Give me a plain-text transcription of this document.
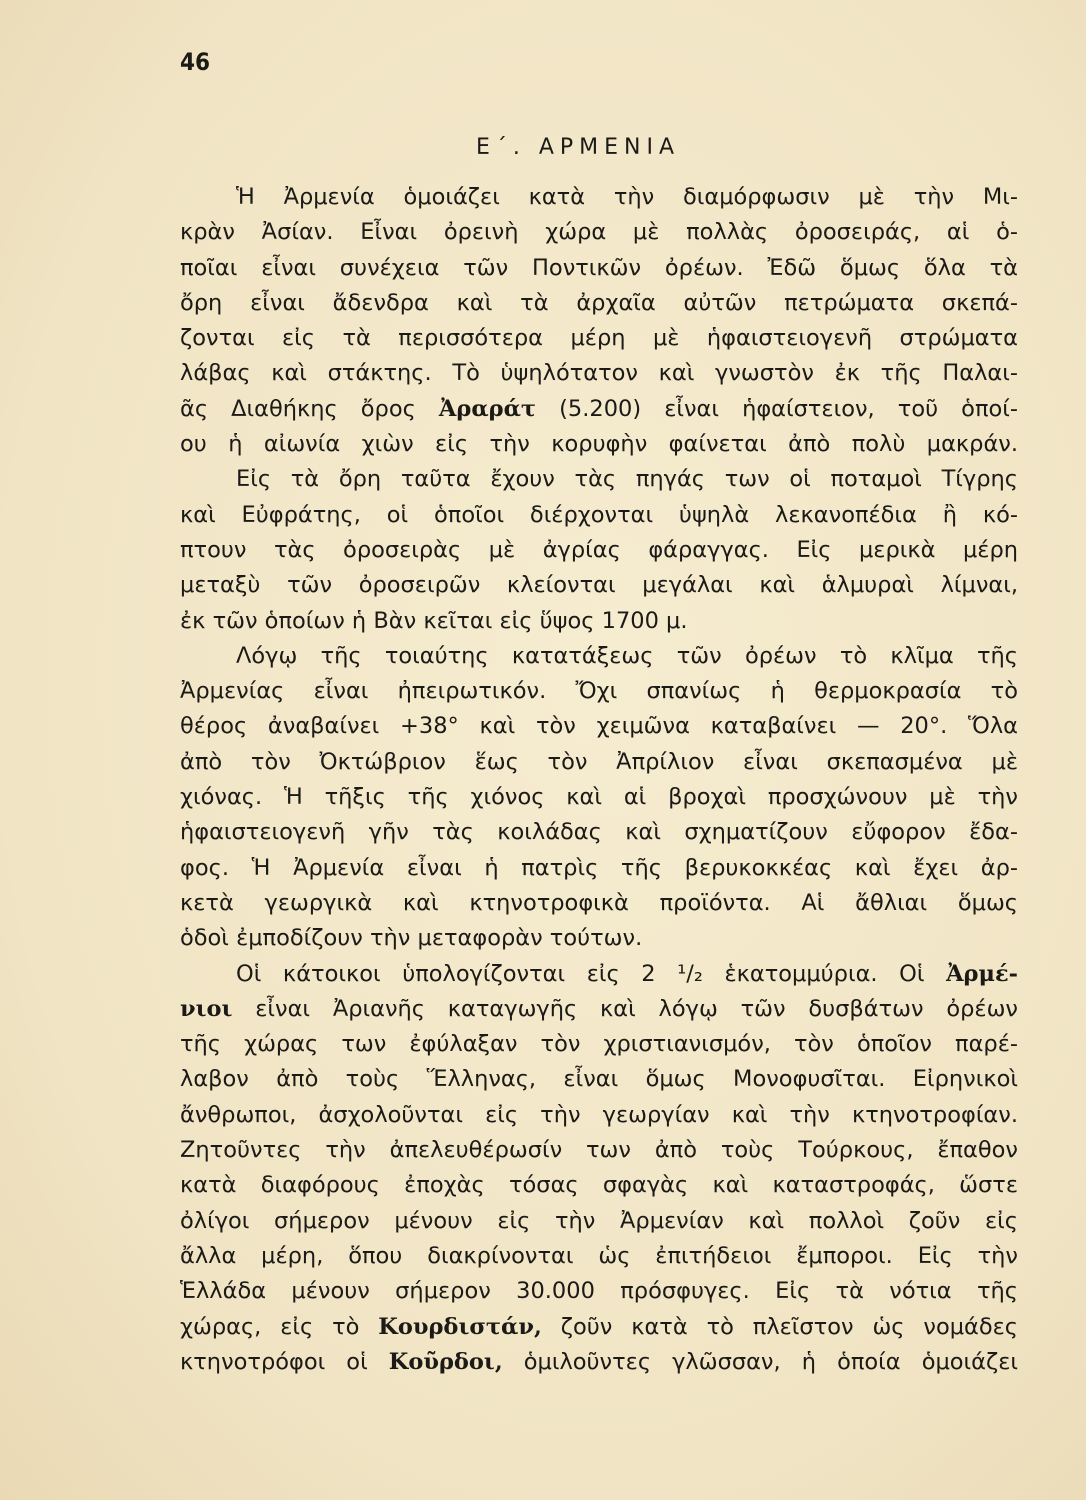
46
Ε΄. ΑΡΜΕΝΙΑ
Ἡ Ἀρμενία ὁμοιάζει κατὰ τὴν διαμόρφωσιν μὲ τὴν Μι-
κρὰν Ἀσίαν. Εἶναι ὀρεινὴ χώρα μὲ πολλὰς ὀροσειράς, αἱ ὁ-
ποῖαι εἶναι συνέχεια τῶν Ποντικῶν ὀρέων. Ἐδῶ ὅμως ὅλα τὰ
ὄρη εἶναι ἄδενδρα καὶ τὰ ἀρχαῖα αὐτῶν πετρώματα σκεπά-
ζονται εἰς τὰ περισσότερα μέρη μὲ ἡφαιστειογενῆ στρώματα
λάβας καὶ στάκτης. Τὸ ὑψηλότατον καὶ γνωστὸν ἐκ τῆς Παλαι-
ᾶς Διαθήκης ὄρος Ἀραράτ (5.200) εἶναι ἡφαίστειον, τοῦ ὁποί-
ου ἡ αἰωνία χιὼν εἰς τὴν κορυφὴν φαίνεται ἀπὸ πολὺ μακράν.
Εἰς τὰ ὄρη ταῦτα ἔχουν τὰς πηγάς των οἱ ποταμοὶ Τίγρης
καὶ Εὐφράτης, οἱ ὁποῖοι διέρχονται ὑψηλὰ λεκανοπέδια ἢ κό-
πτουν τὰς ὀροσειρὰς μὲ ἀγρίας φάραγγας. Εἰς μερικὰ μέρη
μεταξὺ τῶν ὀροσειρῶν κλείονται μεγάλαι καὶ ἁλμυραὶ λίμναι,
ἐκ τῶν ὁποίων ἡ Βὰν κεῖται εἰς ὕψος 1700 μ.
Λόγῳ τῆς τοιαύτης κατατάξεως τῶν ὀρέων τὸ κλῖμα τῆς
Ἀρμενίας εἶναι ἠπειρωτικόν. Ὄχι σπανίως ἡ θερμοκρασία τὸ
θέρος ἀναβαίνει +38° καὶ τὸν χειμῶνα καταβαίνει — 20°. Ὅλα
ἀπὸ τὸν Ὀκτώβριον ἕως τὸν Ἀπρίλιον εἶναι σκεπασμένα μὲ
χιόνας. Ἡ τῆξις τῆς χιόνος καὶ αἱ βροχαὶ προσχώνουν μὲ τὴν
ἡφαιστειογενῆ γῆν τὰς κοιλάδας καὶ σχηματίζουν εὔφορον ἔδα-
φος. Ἡ Ἀρμενία εἶναι ἡ πατρὶς τῆς βερυκοκκέας καὶ ἔχει ἀρ-
κετὰ γεωργικὰ καὶ κτηνοτροφικὰ προϊόντα. Αἱ ἄθλιαι ὅμως
ὁδοὶ ἐμποδίζουν τὴν μεταφορὰν τούτων.
Οἱ κάτοικοι ὑπολογίζονται εἰς 2 ¹/₂ ἑκατομμύρια. Οἱ Ἀρμέ-
νιοι εἶναι Ἀριανῆς καταγωγῆς καὶ λόγῳ τῶν δυσβάτων ὀρέων
τῆς χώρας των ἐφύλαξαν τὸν χριστιανισμόν, τὸν ὁποῖον παρέ-
λαβον ἀπὸ τοὺς Ἕλληνας, εἶναι ὅμως Μονοφυσῖται. Εἰρηνικοὶ
ἄνθρωποι, ἀσχολοῦνται εἰς τὴν γεωργίαν καὶ τὴν κτηνοτροφίαν.
Ζητοῦντες τὴν ἀπελευθέρωσίν των ἀπὸ τοὺς Τούρκους, ἔπαθον
κατὰ διαφόρους ἐποχὰς τόσας σφαγὰς καὶ καταστροφάς, ὥστε
ὀλίγοι σήμερον μένουν εἰς τὴν Ἀρμενίαν καὶ πολλοὶ ζοῦν εἰς
ἄλλα μέρη, ὅπου διακρίνονται ὡς ἐπιτήδειοι ἔμποροι. Εἰς τὴν
Ἑλλάδα μένουν σήμερον 30.000 πρόσφυγες. Εἰς τὰ νότια τῆς
χώρας, εἰς τὸ Κουρδιστάν, ζοῦν κατὰ τὸ πλεῖστον ὡς νομάδες
κτηνοτρόφοι οἱ Κοῦρδοι, ὁμιλοῦντες γλῶσσαν, ἡ ὁποία ὁμοιάζει
